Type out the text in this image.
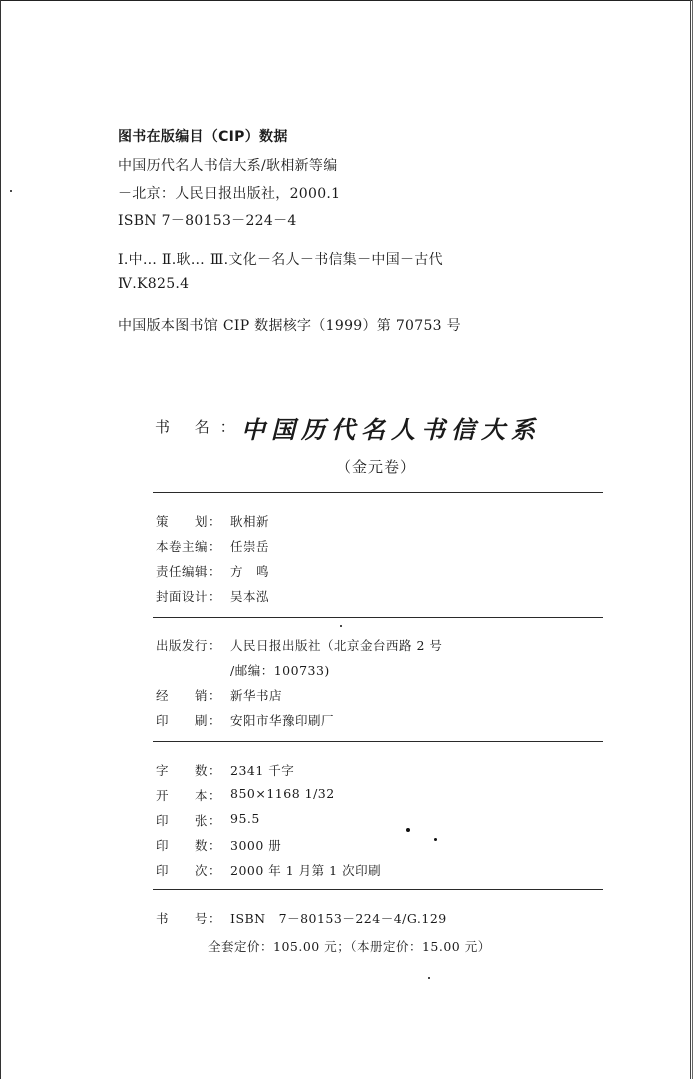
图书在版编目（CIP）数据
中国历代名人书信大系/耿相新等编
－北京：人民日报出版社，2000.1
ISBN 7－80153－224－4
Ⅰ.中… Ⅱ.耿… Ⅲ.文化－名人－书信集－中国－古代
Ⅳ.K825.4
中国版本图书馆 CIP 数据核字（1999）第 70753 号
书 名：
中国历代名人书信大系
（金元卷）
策　　划： 耿相新
本卷主编： 任崇岳
责任编辑： 方　鸣
封面设计： 吴本泓
出版发行： 人民日报出版社（北京金台西路 2 号
/邮编：100733)
经　　销： 新华书店
印　　刷： 安阳市华豫印刷厂
字　　数： 2341 千字
开　　本： 850×1168 1/32
印　　张： 95.5
印　　数： 3000 册
印　　次： 2000 年 1 月第 1 次印刷
书　　号： ISBN　7－80153－224－4/G.129
全套定价：105.00 元；（本册定价：15.00 元）
